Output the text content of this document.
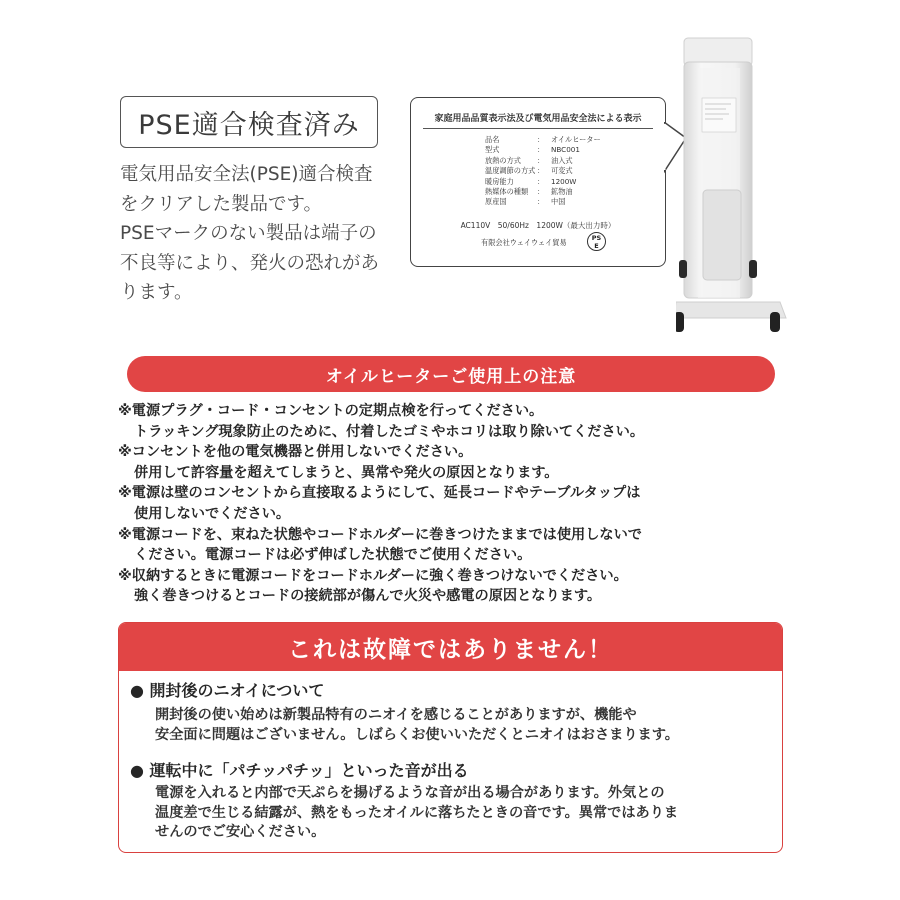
PSE適合検査済み
電気用品安全法(PSE)適合検査
をクリアした製品です。
PSEマークのない製品は端子の
不良等により、発火の恐れがあ
ります。
家庭用品品質表示法及び電気用品安全法による表示
品名	： オイルヒーター
型式	： NBC001
放熱の方式	： 油入式
温度調節の方式 ： 可変式
暖房能力	： 1200W
熱媒体の種類	： 鉱物油
原産国	： 中国
AC110V　50/60Hz　1200W（最大出力時）
有限会社ウェイウェイ貿易	PS
E
オイルヒーターご使用上の注意
※電源プラグ・コード・コンセントの定期点検を行ってください。
トラッキング現象防止のために、付着したゴミやホコリは取り除いてください。
※コンセントを他の電気機器と併用しないでください。
併用して許容量を超えてしまうと、異常や発火の原因となります。
※電源は壁のコンセントから直接取るようにして、延長コードやテーブルタップは
使用しないでください。
※電源コードを、束ねた状態やコードホルダーに巻きつけたままでは使用しないで
ください。電源コードは必ず伸ばした状態でご使用ください。
※収納するときに電源コードをコードホルダーに強く巻きつけないでください。
強く巻きつけるとコードの接続部が傷んで火災や感電の原因となります。
これは故障ではありません！
● 開封後のニオイについて
開封後の使い始めは新製品特有のニオイを感じることがありますが、機能や
安全面に問題はございません。しばらくお使いいただくとニオイはおさまります。
● 運転中に「パチッパチッ」といった音が出る
電源を入れると内部で天ぷらを揚げるような音が出る場合があります。外気との
温度差で生じる結露が、熱をもったオイルに落ちたときの音です。異常ではありま
せんのでご安心ください。
